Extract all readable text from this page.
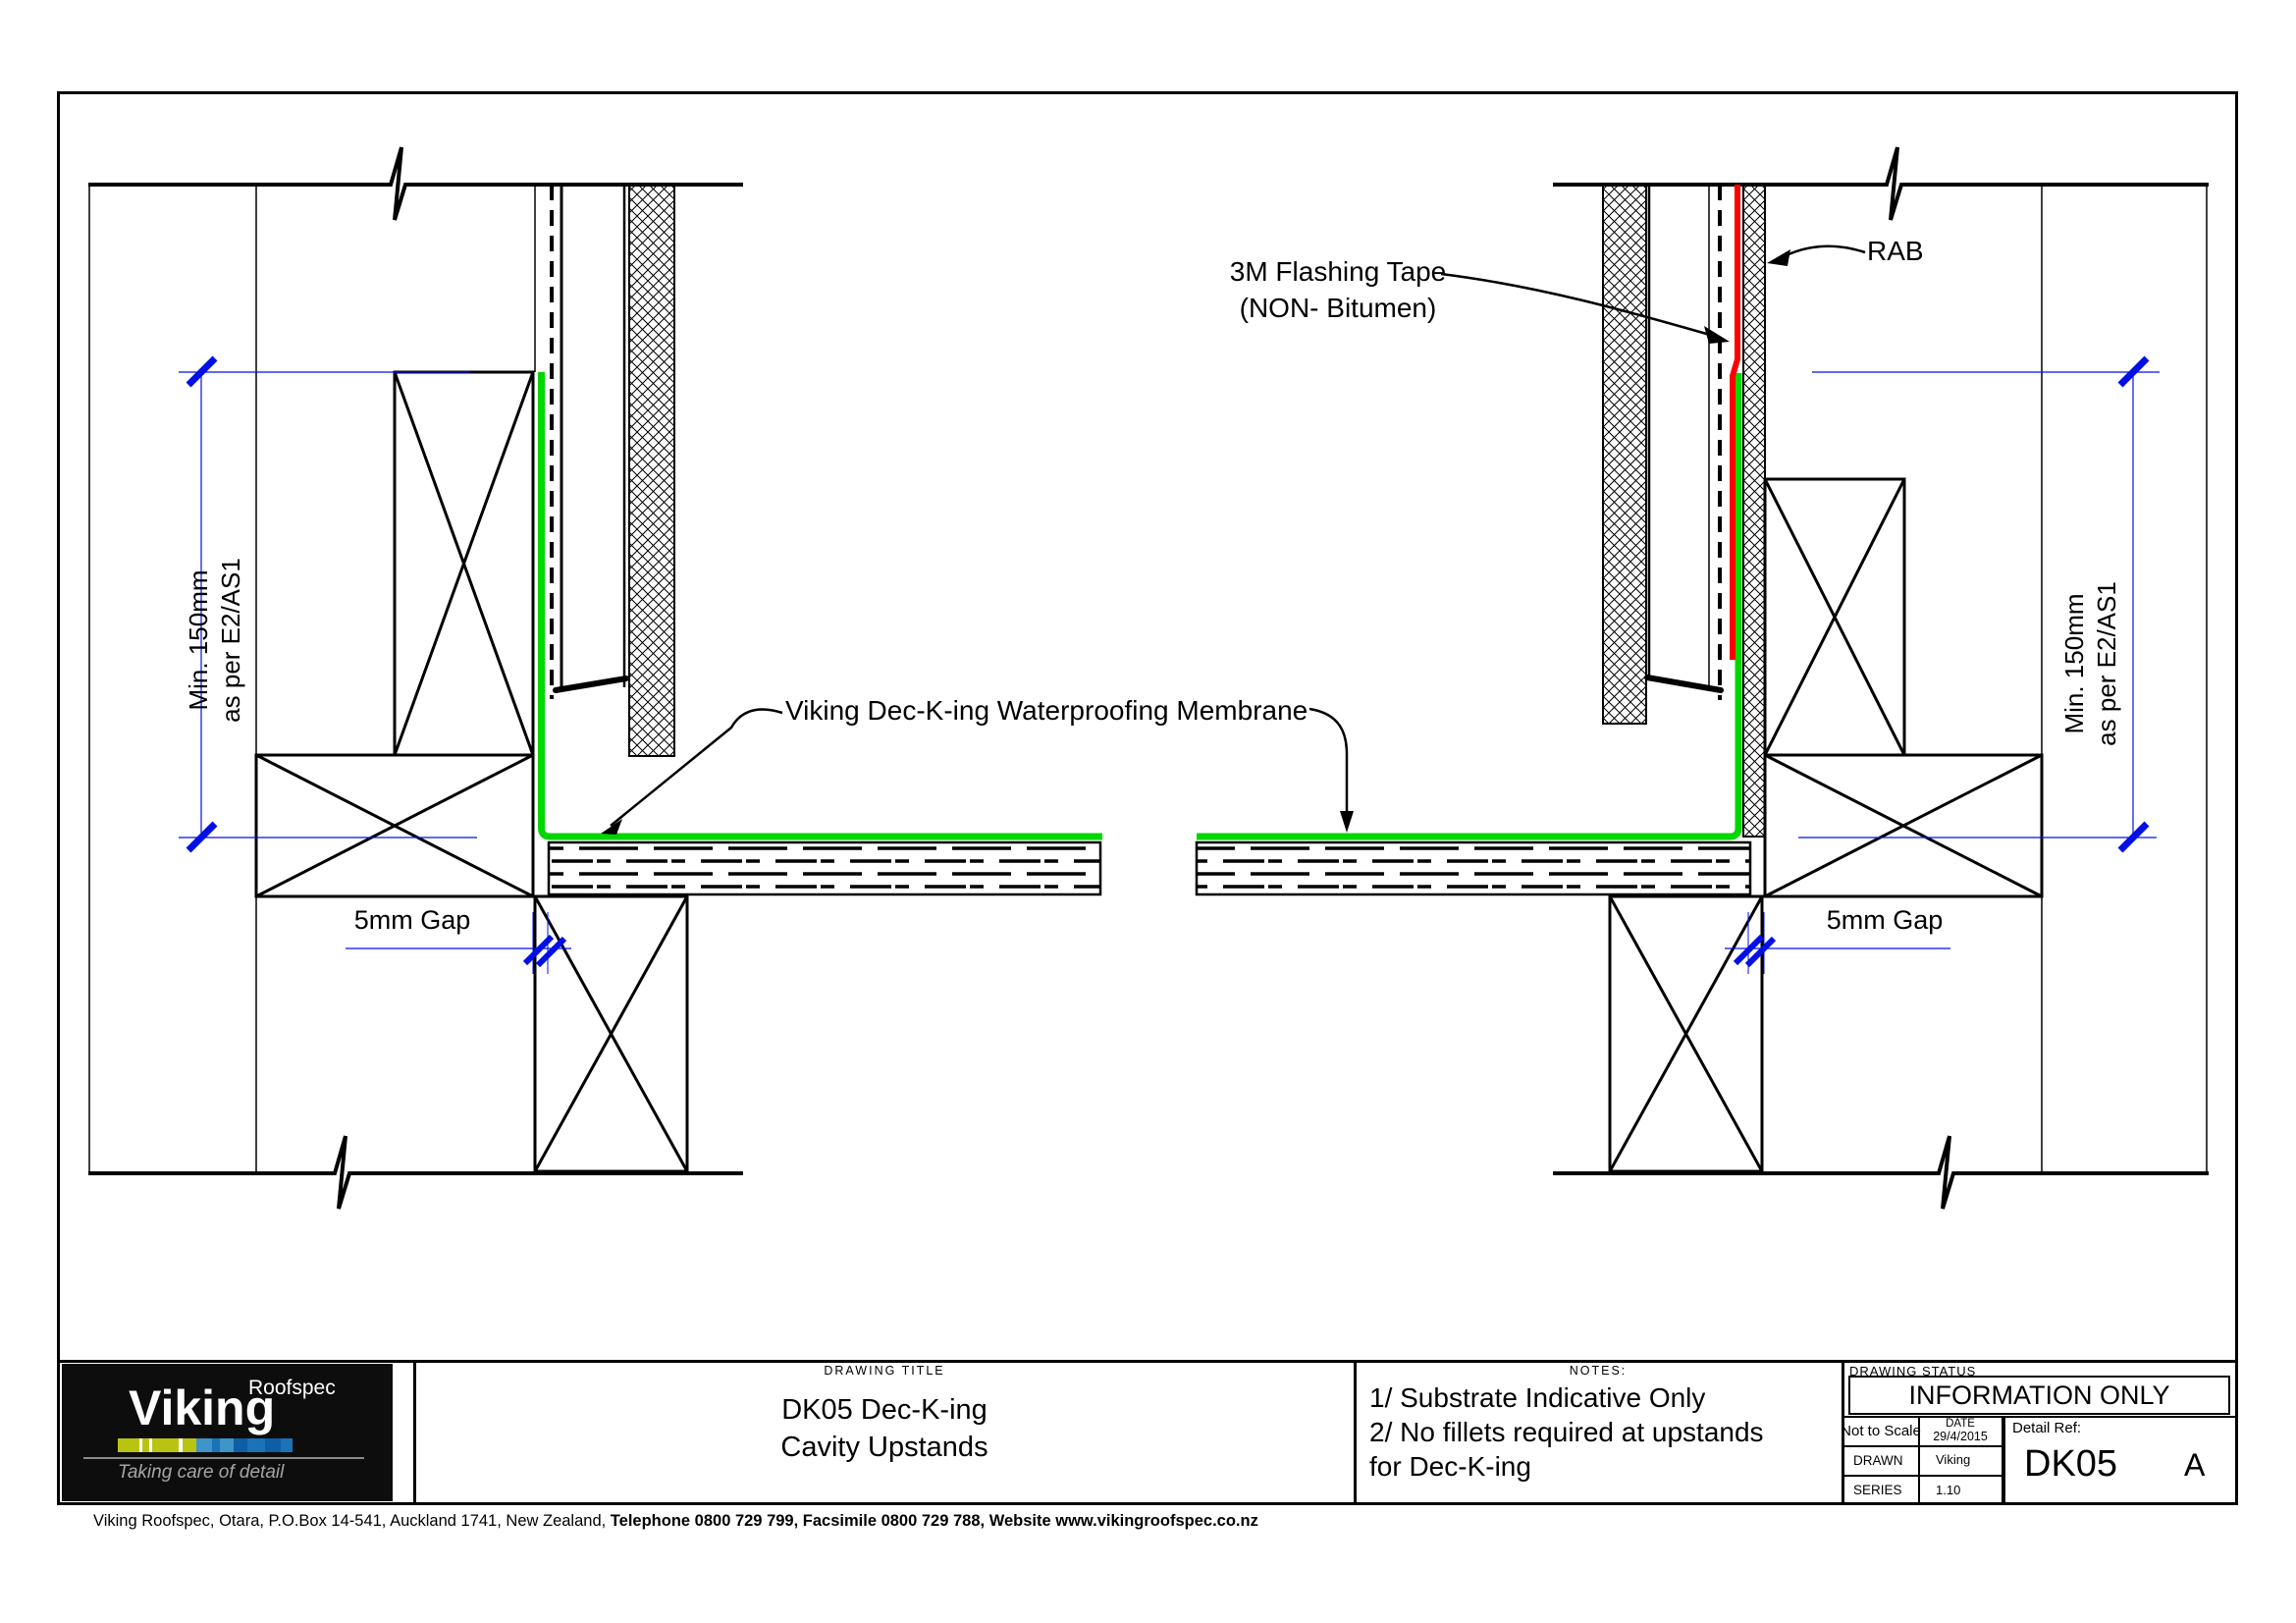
Viking Dec-K-ing Waterproofing Membrane
3M Flashing Tape
(NON- Bitumen)
RAB
Min. 150mm as per E2/AS1	Min. 150mm as per E2/AS1
5mm Gap	5mm Gap
Roofspec
Viking
Taking care of detail
DRAWING TITLE
DK05 Dec-K-ing
Cavity Upstands
NOTES:
1/ Substrate Indicative Only
2/ No fillets required at upstands
for Dec-K-ing
DRAWING STATUS
INFORMATION ONLY
Not to Scale DATE
29/4/2015
DRAWN	Viking
SERIES	1.10
Detail Ref:
DK05 A
Viking Roofspec, Otara, P.O.Box 14-541, Auckland 1741, New Zealand, Telephone 0800 729 799, Facsimile 0800 729 788, Website www.vikingroofspec.co.nz
